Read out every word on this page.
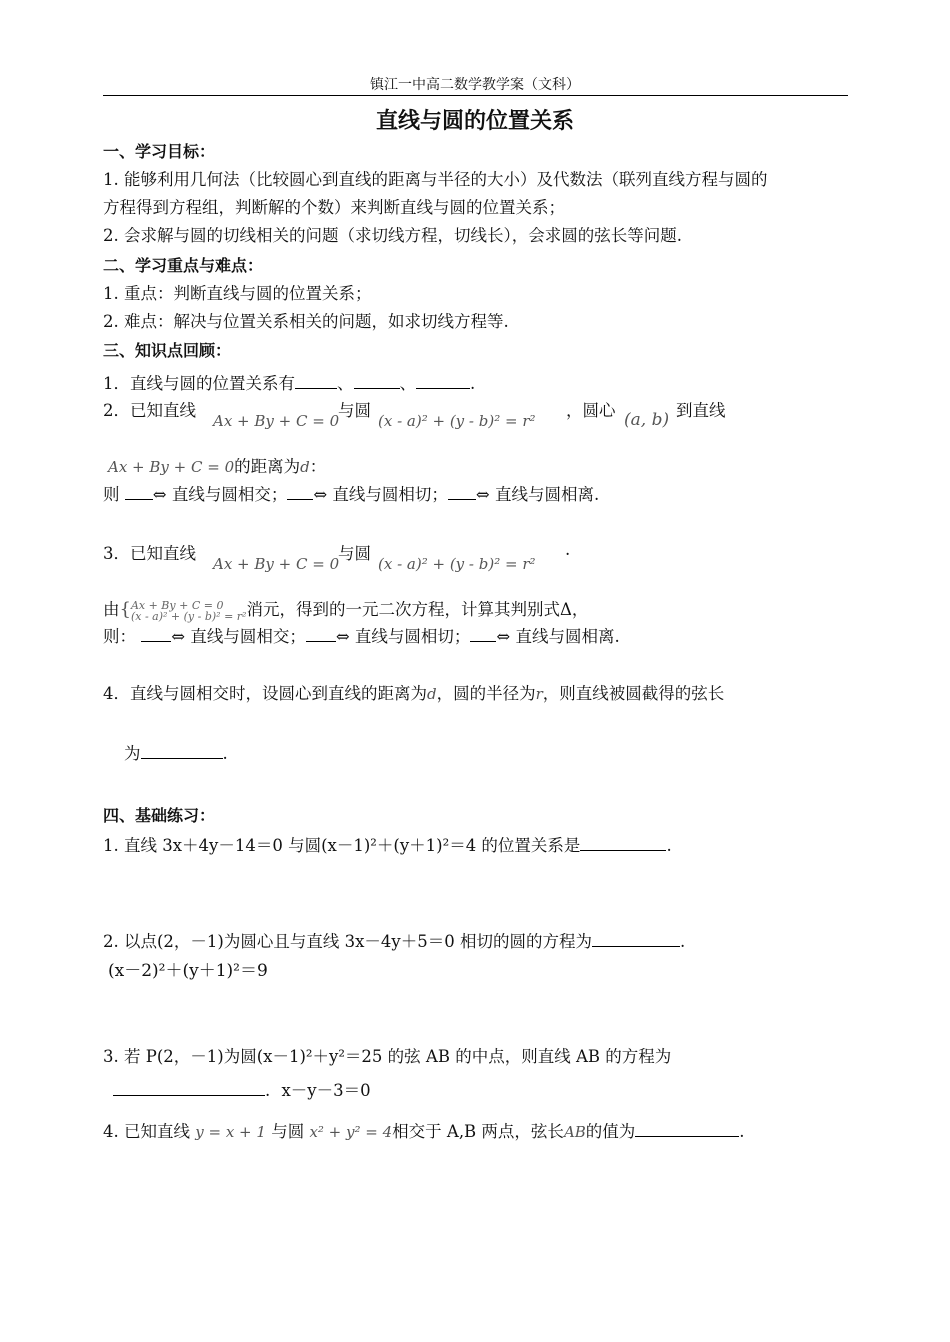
镇江一中高二数学教学案（文科）
直线与圆的位置关系
一、学习目标：
1. 能够利用几何法（比较圆心到直线的距离与半径的大小）及代数法（联列直线方程与圆的
方程得到方程组，判断解的个数）来判断直线与圆的位置关系；
2. 会求解与圆的切线相关的问题（求切线方程，切线长），会求圆的弦长等问题.
二、学习重点与难点：
1. 重点：判断直线与圆的位置关系；
2. 难点：解决与位置关系相关的问题，如求切线方程等.
三、知识点回顾：
1．直线与圆的位置关系有	、	、	.
2．已知直线
Ax + By + C = 0
与圆
(x - a)² + (y - b)² = r²
，圆心 (a, b) 到直线
Ax + By + C = 0的距离为d：
则 ⇔ 直线与圆相交； ⇔ 直线与圆相切； ⇔ 直线与圆相离.
3．已知直线
Ax + By + C = 0
与圆
(x - a)² + (y - b)² = r²
.
由{Ax + By + C = 0
(x - a)² + (y - b)² = r²消元，得到的一元二次方程，计算其判别式Δ，
则： ⇔ 直线与圆相交； ⇔ 直线与圆相切； ⇔ 直线与圆相离.
4．直线与圆相交时，设圆心到直线的距离为d，圆的半径为r，则直线被圆截得的弦长
为	.
四、基础练习：
1. 直线 3x＋4y－14＝0 与圆(x－1)²＋(y＋1)²＝4 的位置关系是	.
2. 以点(2，－1)为圆心且与直线 3x－4y＋5＝0 相切的圆的方程为	.
(x－2)²＋(y＋1)²＝9
3. 若 P(2，－1)为圆(x－1)²＋y²＝25 的弦 AB 的中点，则直线 AB 的方程为
. x－y－3＝0
4. 已知直线 y = x + 1 与圆 x² + y² = 4相交于 A,B 两点，弦长AB的值为	.
